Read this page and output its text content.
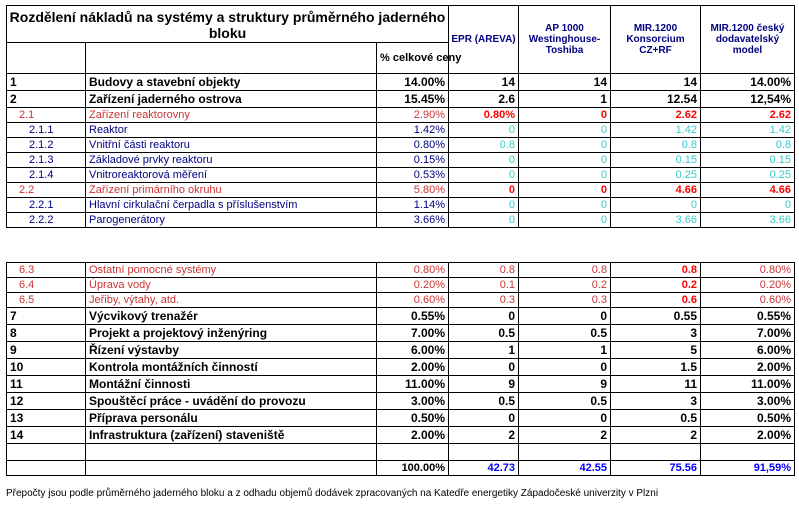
Rozdělení nákladů na systémy a struktury průměrného jaderného bloku			EPR (AREVA)	AP 1000 Westinghouse-Toshiba	MIR.1200 Konsorcium CZ+RF	MIR.1200 český dodavatelský model
		% celkové ceny				
1	Budovy a stavební objekty	14.00%	14	14	14	14.00%
2	Zařízení jaderného ostrova	15.45%	2.6	1	12.54	12,54%
2.1	Zařízení reaktorovny	2.90%	0.80%	0	2.62	2.62
2.1.1	Reaktor	1.42%	0	0	1.42	1.42
2.1.2	Vnitřní části reaktoru	0.80%	0.8	0	0.8	0.8
2.1.3	Základové prvky reaktoru	0.15%	0	0	0.15	0.15
2.1.4	Vnitroreaktorová měření	0.53%	0	0	0.25	0.25
2.2	Zařízení primárního okruhu	5.80%	0	0	4.66	4.66
2.2.1	Hlavní cirkulační čerpadla s příslušenstvím	1.14%	0	0	0	0
2.2.2	Parogenerátory	3.66%	0	0	3.66	3.66
6.3	Ostatní pomocné systémy	0.80%	0.8	0.8	0.8	0.80%
6.4	Úprava vody	0.20%	0.1	0.2	0.2	0.20%
6.5	Jeřiby, výtahy, atd.	0.60%	0.3	0.3	0.6	0.60%
7	Výcvikový trenažér	0.55%	0	0	0.55	0.55%
8	Projekt a projektový inženýring	7.00%	0.5	0.5	3	7.00%
9	Řízení výstavby	6.00%	1	1	5	6.00%
10	Kontrola montážních činností	2.00%	0	0	1.5	2.00%
11	Montážní činnosti	11.00%	9	9	11	11.00%
12	Spouštěcí práce - uvádění do provozu	3.00%	0.5	0.5	3	3.00%
13	Příprava personálu	0.50%	0	0	0.5	0.50%
14	Infrastruktura (zařízení) staveniště	2.00%	2	2	2	2.00%

		100.00%	42.73	42.55	75.56	91,59%
Přepočty jsou podle průměrného jaderného bloku a z odhadu objemů dodávek zpracovaných na Katedře energetiky Západočeské univerzity v Plzni
